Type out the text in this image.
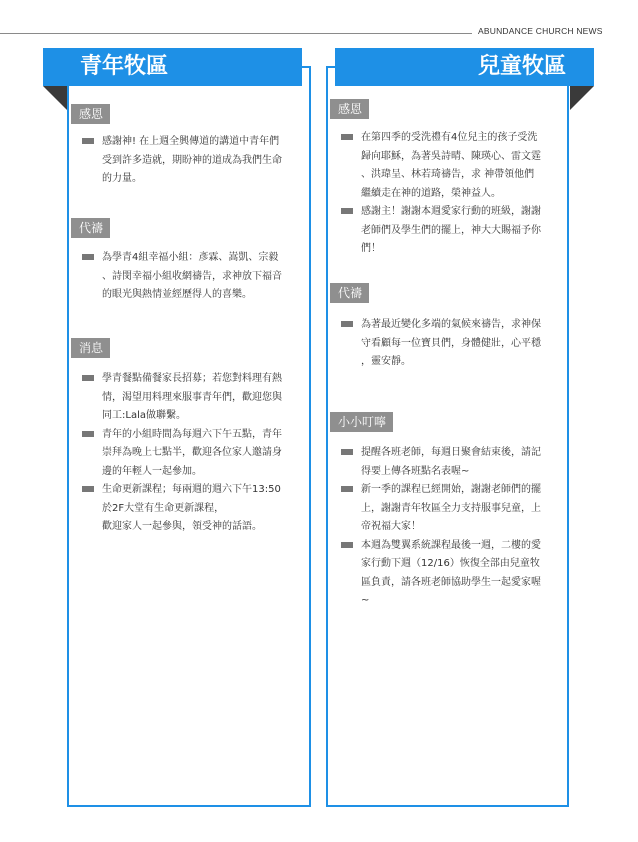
ABUNDANCE CHURCH NEWS
青年牧區
感恩
感謝神! 在上週全興傳道的講道中青年們
受到許多造就，期盼神的道成為我們生命
的力量。
代禱
為學青4組幸福小組：彥霖、嵩凱、宗毅
、詩閔幸福小組收網禱告，求神放下福音
的眼光與熱情並經歷得人的喜樂。
消息
學青餐點備餐家長招募；若您對料理有熱
情，渴望用料理來服事青年們，歡迎您與
同工:Lala做聯繫。
青年的小組時間為每週六下午五點，青年
崇拜為晚上七點半，歡迎各位家人邀請身
邊的年輕人一起參加。
生命更新課程；每兩週的週六下午13:50
於2F大堂有生命更新課程，
歡迎家人一起參與，領受神的話語。
兒童牧區
感恩
在第四季的受洗禮有4位兒主的孩子受洗
歸向耶穌，為著吳詩晴、陳瑛心、雷文霆
、洪瑋呈、林若琦禱告，求 神帶領他們
繼續走在神的道路，榮神益人。
感謝主！謝謝本週愛家行動的班級，謝謝
老師們及學生們的擺上，神大大賜福予你
們！
代禱
為著最近變化多端的氣候來禱告，求神保
守看顧每一位寶貝們，身體健壯，心平穩
，靈安靜。
小小叮嚀
提醒各班老師，每週日聚會結束後，請記
得要上傳各班點名表喔~
新一季的課程已經開始，謝謝老師們的擺
上，謝謝青年牧區全力支持服事兒童，上
帝祝福大家！
本週為雙翼系統課程最後一週，二樓的愛
家行動下週（12/16）恢復全部由兒童牧
區負責，請各班老師協助學生一起愛家喔
~
